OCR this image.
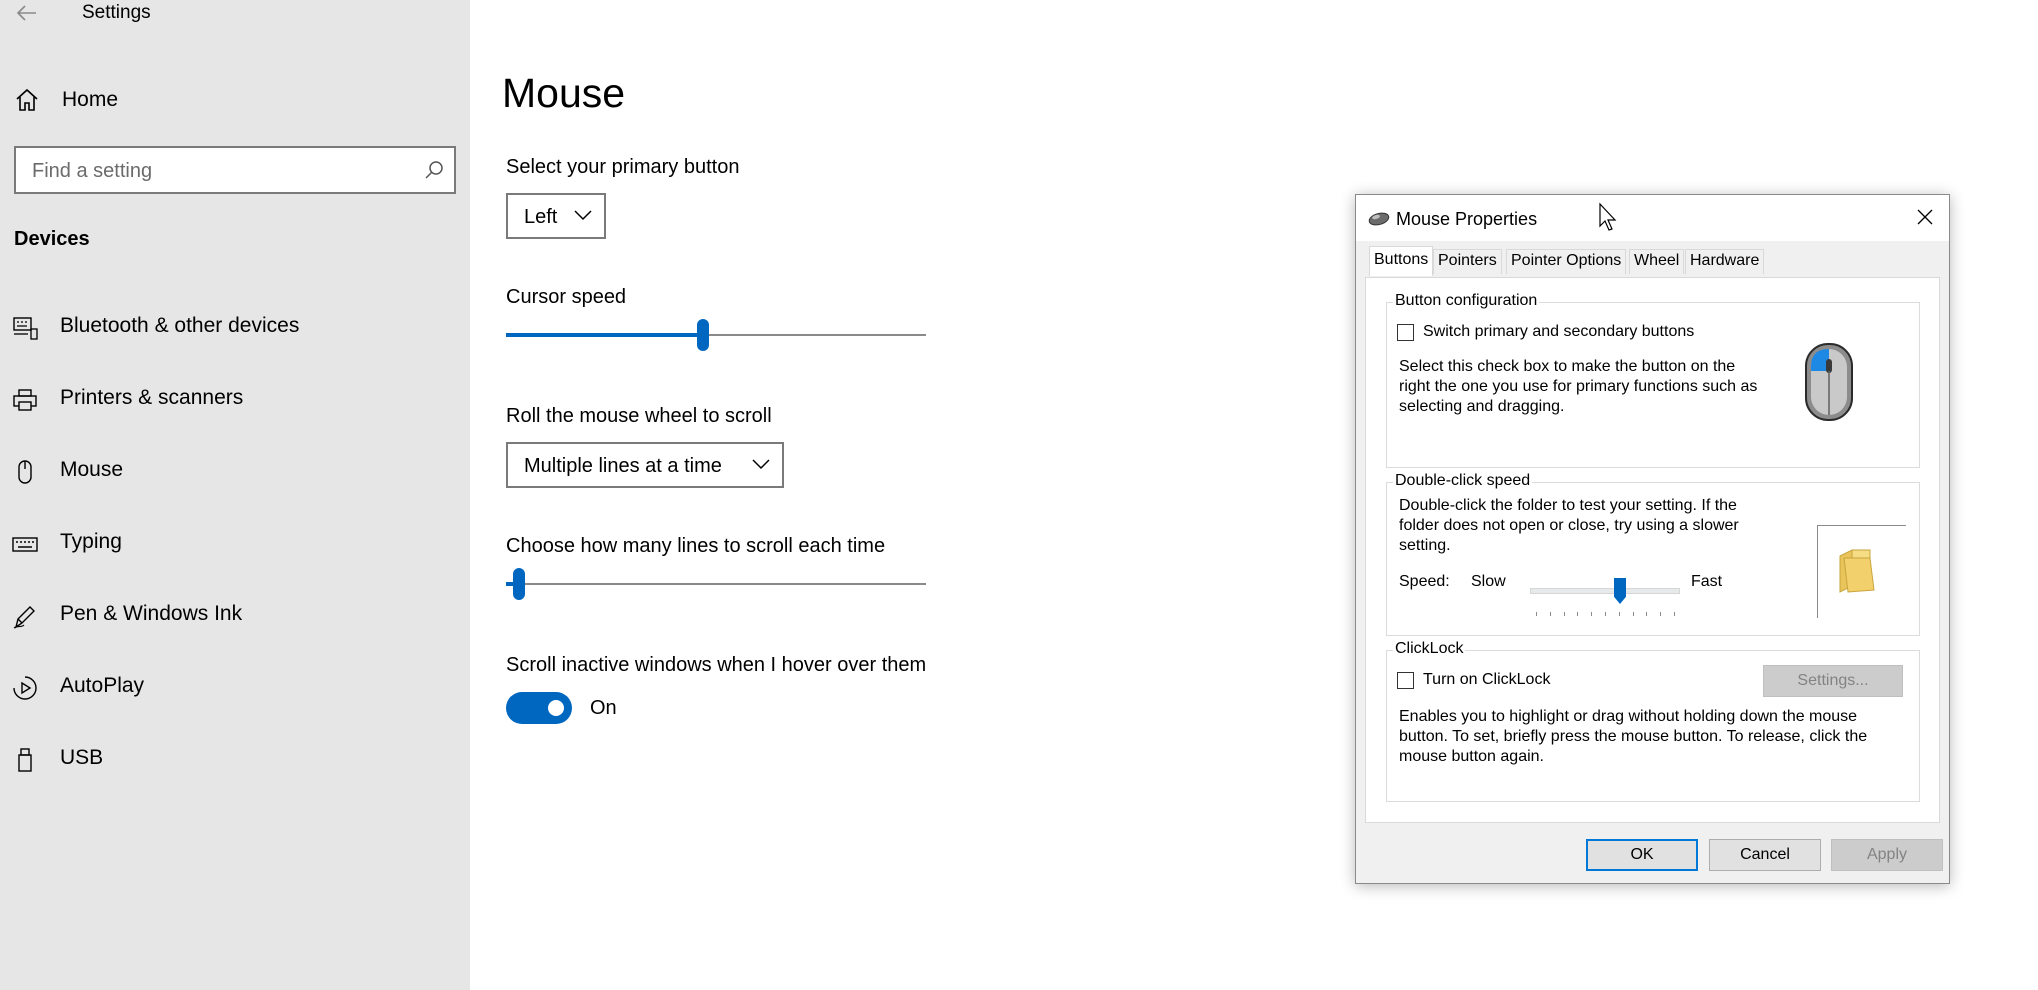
Settings
Home
Find a setting
Devices
Bluetooth & other devices
Printers & scanners
Mouse
Typing
Pen & Windows Ink
AutoPlay
USB
Mouse
Select your primary button
Left
Cursor speed
Roll the mouse wheel to scroll
Multiple lines at a time
Choose how many lines to scroll each time
Scroll inactive windows when I hover over them
On
Mouse Properties
Buttons Pointers Pointer Options Wheel Hardware
Button configuration
Switch primary and secondary buttons
Select this check box to make the button on the right the one you use for primary functions such as selecting and dragging.
Double-click speed
Double-click the folder to test your setting. If the folder does not open or close, try using a slower setting.
Speed: Slow	Fast
ClickLock
Turn on ClickLock	Settings...
Enables you to highlight or drag without holding down the mouse button. To set, briefly press the mouse button. To release, click the mouse button again.
OK	Cancel	Apply
